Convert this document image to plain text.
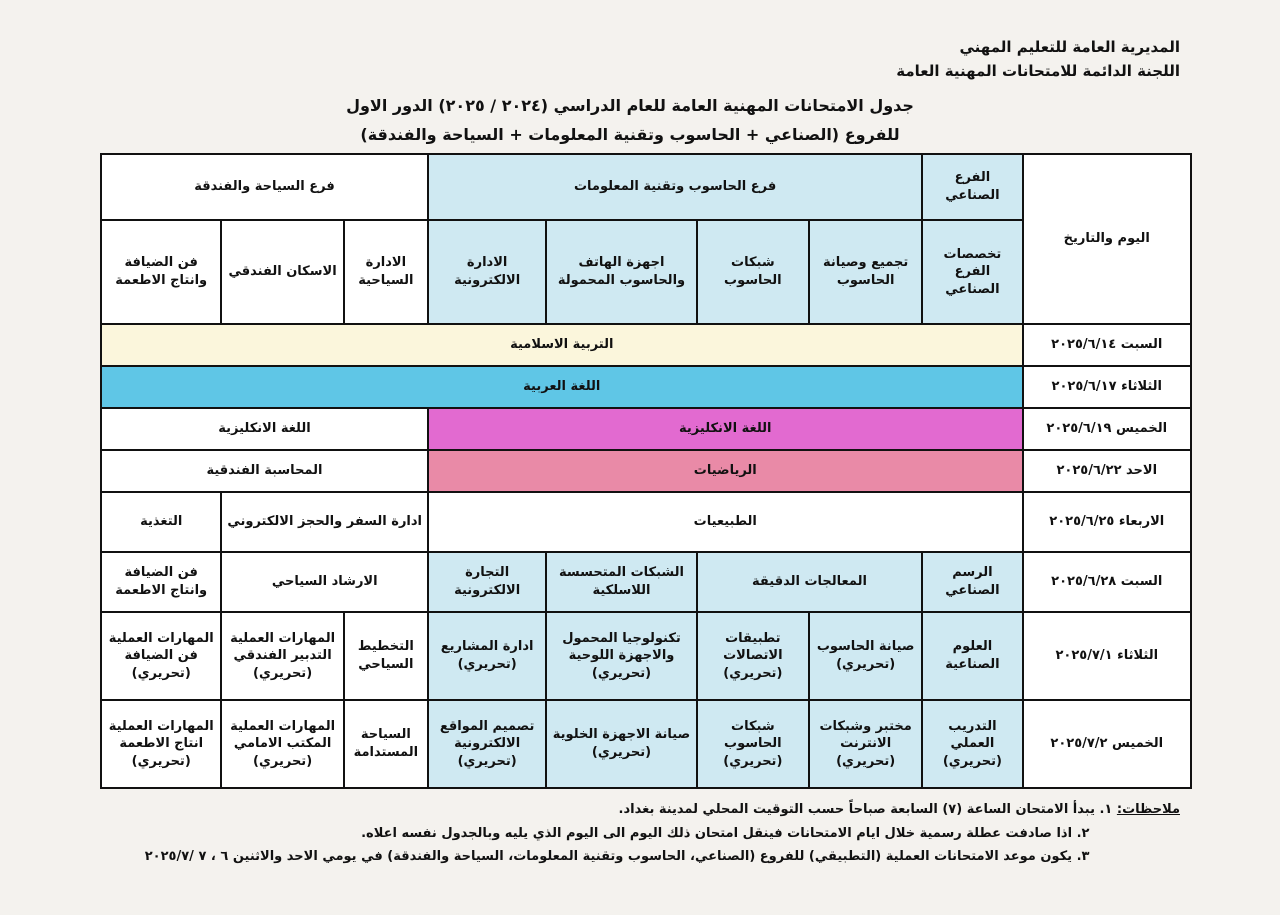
المديرية العامة للتعليم المهني
اللجنة الدائمة للامتحانات المهنية العامة
جدول الامتحانات المهنية العامة للعام الدراسي (٢٠٢٤ / ٢٠٢٥) الدور الاول
للفروع (الصناعي + الحاسوب وتقنية المعلومات + السياحة والفندقة)
اليوم والتاريخ	الفرع الصناعي	فرع الحاسوب وتقنية المعلومات				فرع السياحة والفندقة		
	تخصصات الفرع الصناعي	تجميع وصيانة الحاسوب	شبكات الحاسوب	اجهزة الهاتف والحاسوب المحمولة	الادارة الالكترونية	الادارة السياحية	الاسكان الفندقي	فن الضيافة وانتاج الاطعمة
السبت ٢٠٢٥/٦/١٤	التربية الاسلامية							
الثلاثاء ٢٠٢٥/٦/١٧	اللغة العربية							
الخميس ٢٠٢٥/٦/١٩	اللغة الانكليزية					اللغة الانكليزية		
الاحد ٢٠٢٥/٦/٢٢	الرياضيات					المحاسبة الفندقية		
الاربعاء ٢٠٢٥/٦/٢٥	الطبيعيات					ادارة السفر والحجز الالكتروني		التغذية
السبت ٢٠٢٥/٦/٢٨	الرسم الصناعي	المعالجات الدقيقة		الشبكات المتحسسة اللاسلكية	التجارة الالكترونية	الارشاد السياحي		فن الضيافة وانتاج الاطعمة
الثلاثاء ٢٠٢٥/٧/١	العلوم الصناعية	صيانة الحاسوب (تحريري)	تطبيقات الاتصالات (تحريري)	تكنولوجيا المحمول والاجهزة اللوحية (تحريري)	ادارة المشاريع (تحريري)	التخطيط السياحي	المهارات العملية التدبير الفندقي (تحريري)	المهارات العملية فن الضيافة (تحريري)
الخميس ٢٠٢٥/٧/٢	التدريب العملي (تحريري)	مختبر وشبكات الانترنت (تحريري)	شبكات الحاسوب (تحريري)	صيانة الاجهزة الخلوية (تحريري)	تصميم المواقع الالكترونية (تحريري)	السياحة المستدامة	المهارات العملية المكتب الامامي (تحريري)	المهارات العملية انتاج الاطعمة (تحريري)
ملاحظات: ١. يبدأ الامتحان الساعة (٧) السابعة صباحاً حسب التوقيت المحلي لمدينة بغداد.
٢. اذا صادفت عطلة رسمية خلال ايام الامتحانات فينقل امتحان ذلك اليوم الى اليوم الذي يليه وبالجدول نفسه اعلاه.
٣. يكون موعد الامتحانات العملية (التطبيقي) للفروع (الصناعي، الحاسوب وتقنية المعلومات، السياحة والفندقة) في يومي الاحد والاثنين ٦ ، ٧ /٢٠٢٥/٧
